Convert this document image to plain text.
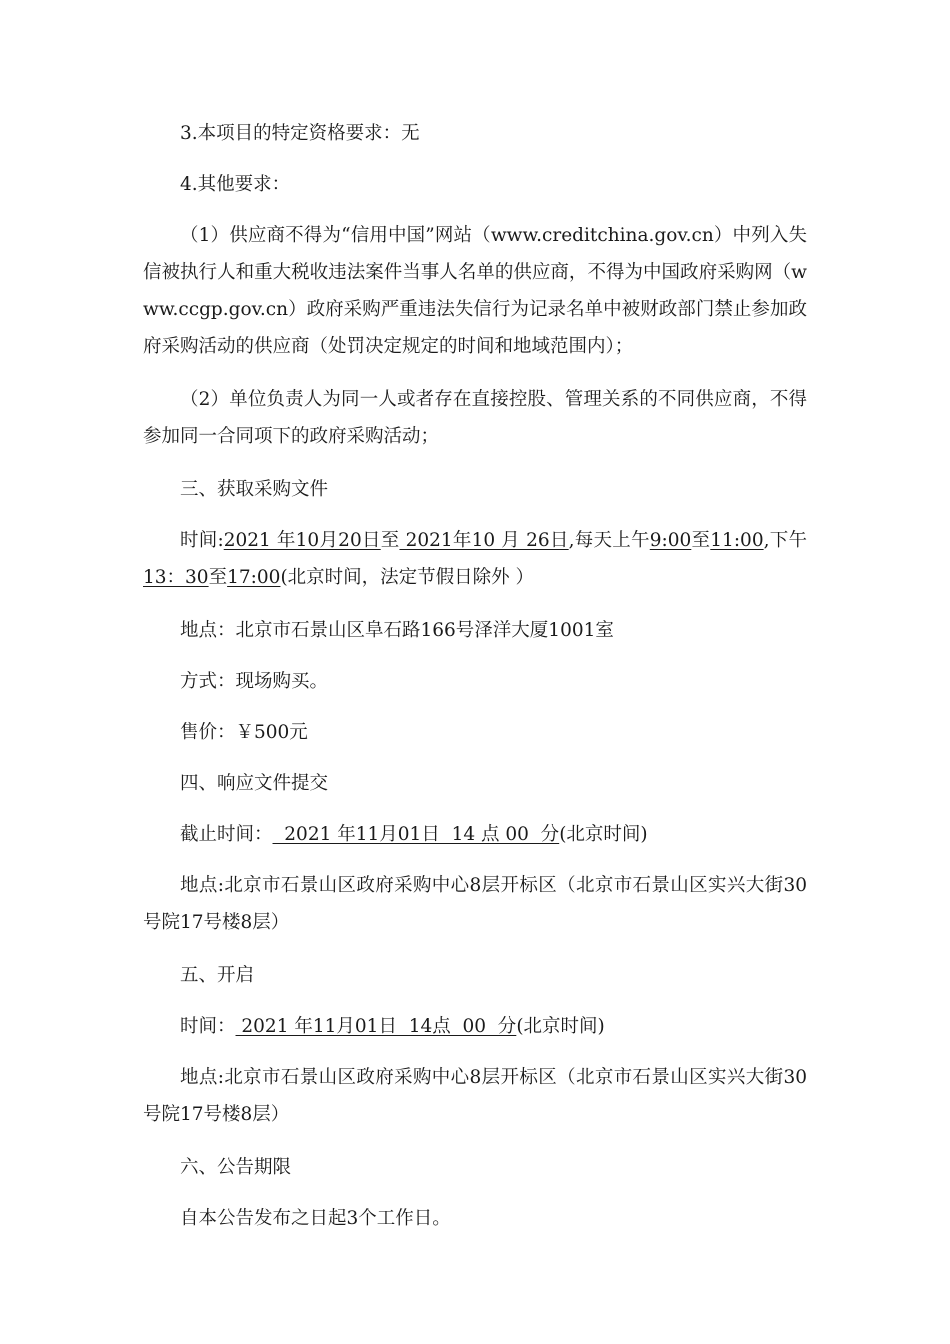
3.本项目的特定资格要求：无

4.其他要求：

（1）供应商不得为“信用中国”网站（www.creditchina.gov.cn）中列入失信被执行人和重大税收违法案件当事人名单的供应商，不得为中国政府采购网（www.ccgp.gov.cn）政府采购严重违法失信行为记录名单中被财政部门禁止参加政府采购活动的供应商（处罚决定规定的时间和地域范围内）；

（2）单位负责人为同一人或者存在直接控股、管理关系的不同供应商，不得参加同一合同项下的政府采购活动；

三、获取采购文件

时间:2021 年10月20日至 2021年10 月 26日,每天上午9:00至11:00,下午13：30至17:00(北京时间，法定节假日除外 ）

地点：北京市石景山区阜石路166号泽洋大厦1001室

方式：现场购买。

售价：￥500元

四、响应文件提交

截止时间：  2021 年11月01日  14 点 00  分(北京时间)

地点:北京市石景山区政府采购中心8层开标区（北京市石景山区实兴大街30号院17号楼8层）

五、开启

时间： 2021 年11月01日  14点  00  分(北京时间)

地点:北京市石景山区政府采购中心8层开标区（北京市石景山区实兴大街30号院17号楼8层）

六、公告期限

自本公告发布之日起3个工作日。
